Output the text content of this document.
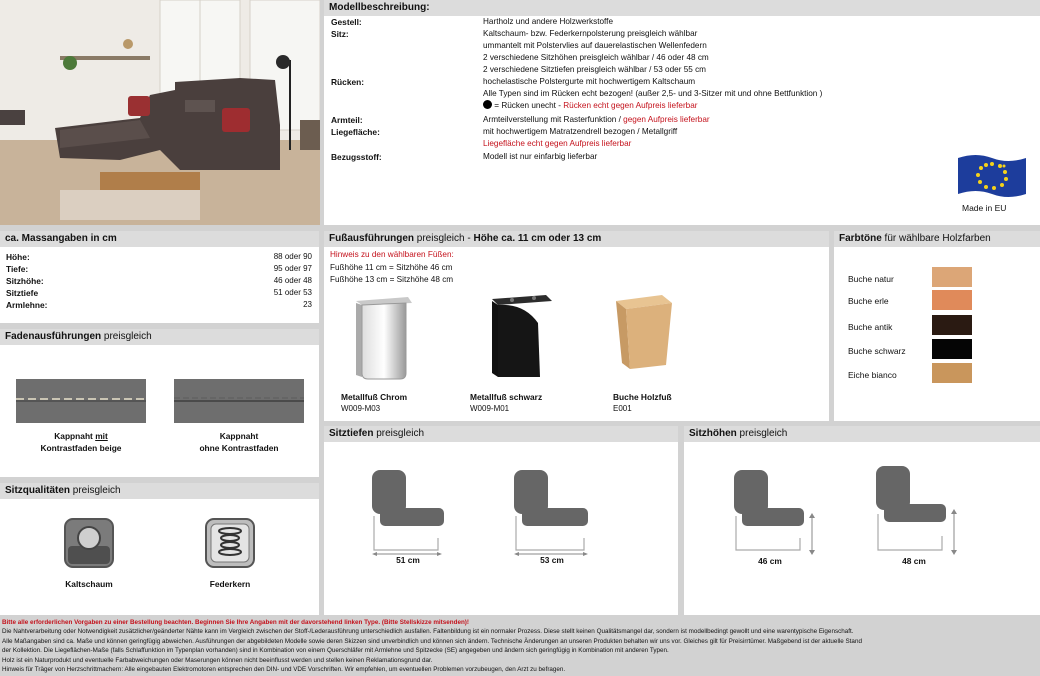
Modellbeschreibung:
Gestell:	Hartholz und andere Holzwerkstoffe
Sitz:	Kaltschaum- bzw. Federkernpolsterung preisgleich wählbar
ummantelt mit Polstervlies auf dauerelastischen Wellenfedern
2 verschiedene Sitzhöhen preisgleich wählbar / 46 oder 48 cm
2 verschiedene Sitztiefen preisgleich wählbar / 53 oder 55 cm
Rücken:	hochelastische Polstergurte mit hochwertigem Kaltschaum
Alle Typen sind im Rücken echt bezogen! (außer 2,5- und 3-Sitzer mit und ohne Bettfunktion )
= Rücken unecht - Rücken echt gegen Aufpreis lieferbar
Armteil:	Armteilverstellung mit Rasterfunktion / gegen Aufpreis lieferbar
Liegefläche:	mit hochwertigem Matratzendrell bezogen / Metallgriff
Liegefläche echt gegen Aufpreis lieferbar
Bezugsstoff:	Modell ist nur einfarbig lieferbar
Made in EU
ca. Massangaben in cm
Höhe:	88 oder 90
Tiefe:	95 oder 97
Sitzhöhe:	46 oder 48
Sitztiefe	51 oder 53
Armlehne:	23
Fußausführungen preisgleich - Höhe ca. 11 cm oder 13 cm
Hinweis zu den wählbaren Füßen:
Fußhöhe 11 cm = Sitzhöhe 46 cm
Fußhöhe 13 cm = Sitzhöhe 48 cm
Metallfuß Chrom
W009-M03
Metallfuß schwarz
W009-M01
Buche Holzfuß
E001
Farbtöne für wählbare Holzfarben
Buche natur
Buche erle
Buche antik
Buche schwarz
Eiche bianco
Fadenausführungen preisgleich
Kappnaht mit
Kontrastfaden beige
Kappnaht
ohne Kontrastfaden
Sitzqualitäten preisgleich
Kaltschaum	Federkern
Sitztiefen preisgleich
51 cm	53 cm
Sitzhöhen preisgleich
46 cm	48 cm
Bitte alle erforderlichen Vorgaben zu einer Bestellung beachten. Beginnen Sie Ihre Angaben mit der davorstehend linken Type. (Bitte Stellskizze mitsenden)!
Die Nahtverarbeitung oder Notwendigkeit zusätzlicher/geänderter Nähte kann im Vergleich zwischen der Stoff-/Lederausführung unterschiedlich ausfallen. Faltenbildung ist ein normaler Prozess. Diese stellt keinen Qualitätsmangel dar, sondern ist modellbedingt gewollt und eine warentypische Eigenschaft.
Alle Maßangaben sind ca. Maße und können geringfügig abweichen. Ausführungen der abgebildeten Modelle sowie deren Skizzen sind unverbindlich und können sich ändern. Technische Änderungen an unseren Produkten behalten wir uns vor. Gleiches gilt für Preisirrtümer. Maßgebend ist der aktuelle Stand
der Kollektion. Die Liegeflächen-Maße (falls Schlaffunktion im Typenplan vorhanden) sind in Kombination von einem Querschläfer mit Armlehne und Spitzecke (SE) angegeben und ändern sich geringfügig in Kombination mit anderen Typen.
Holz ist ein Naturprodukt und eventuelle Farbabweichungen oder Maserungen können nicht beeinflusst werden und stellen keinen Reklamationsgrund dar.
Hinweis für Träger von Herzschrittmachern: Alle eingebauten Elektromotoren entsprechen den DIN- und VDE Vorschriften. Wir empfehlen, um eventuellen Problemen vorzubeugen, den Arzt zu befragen.
